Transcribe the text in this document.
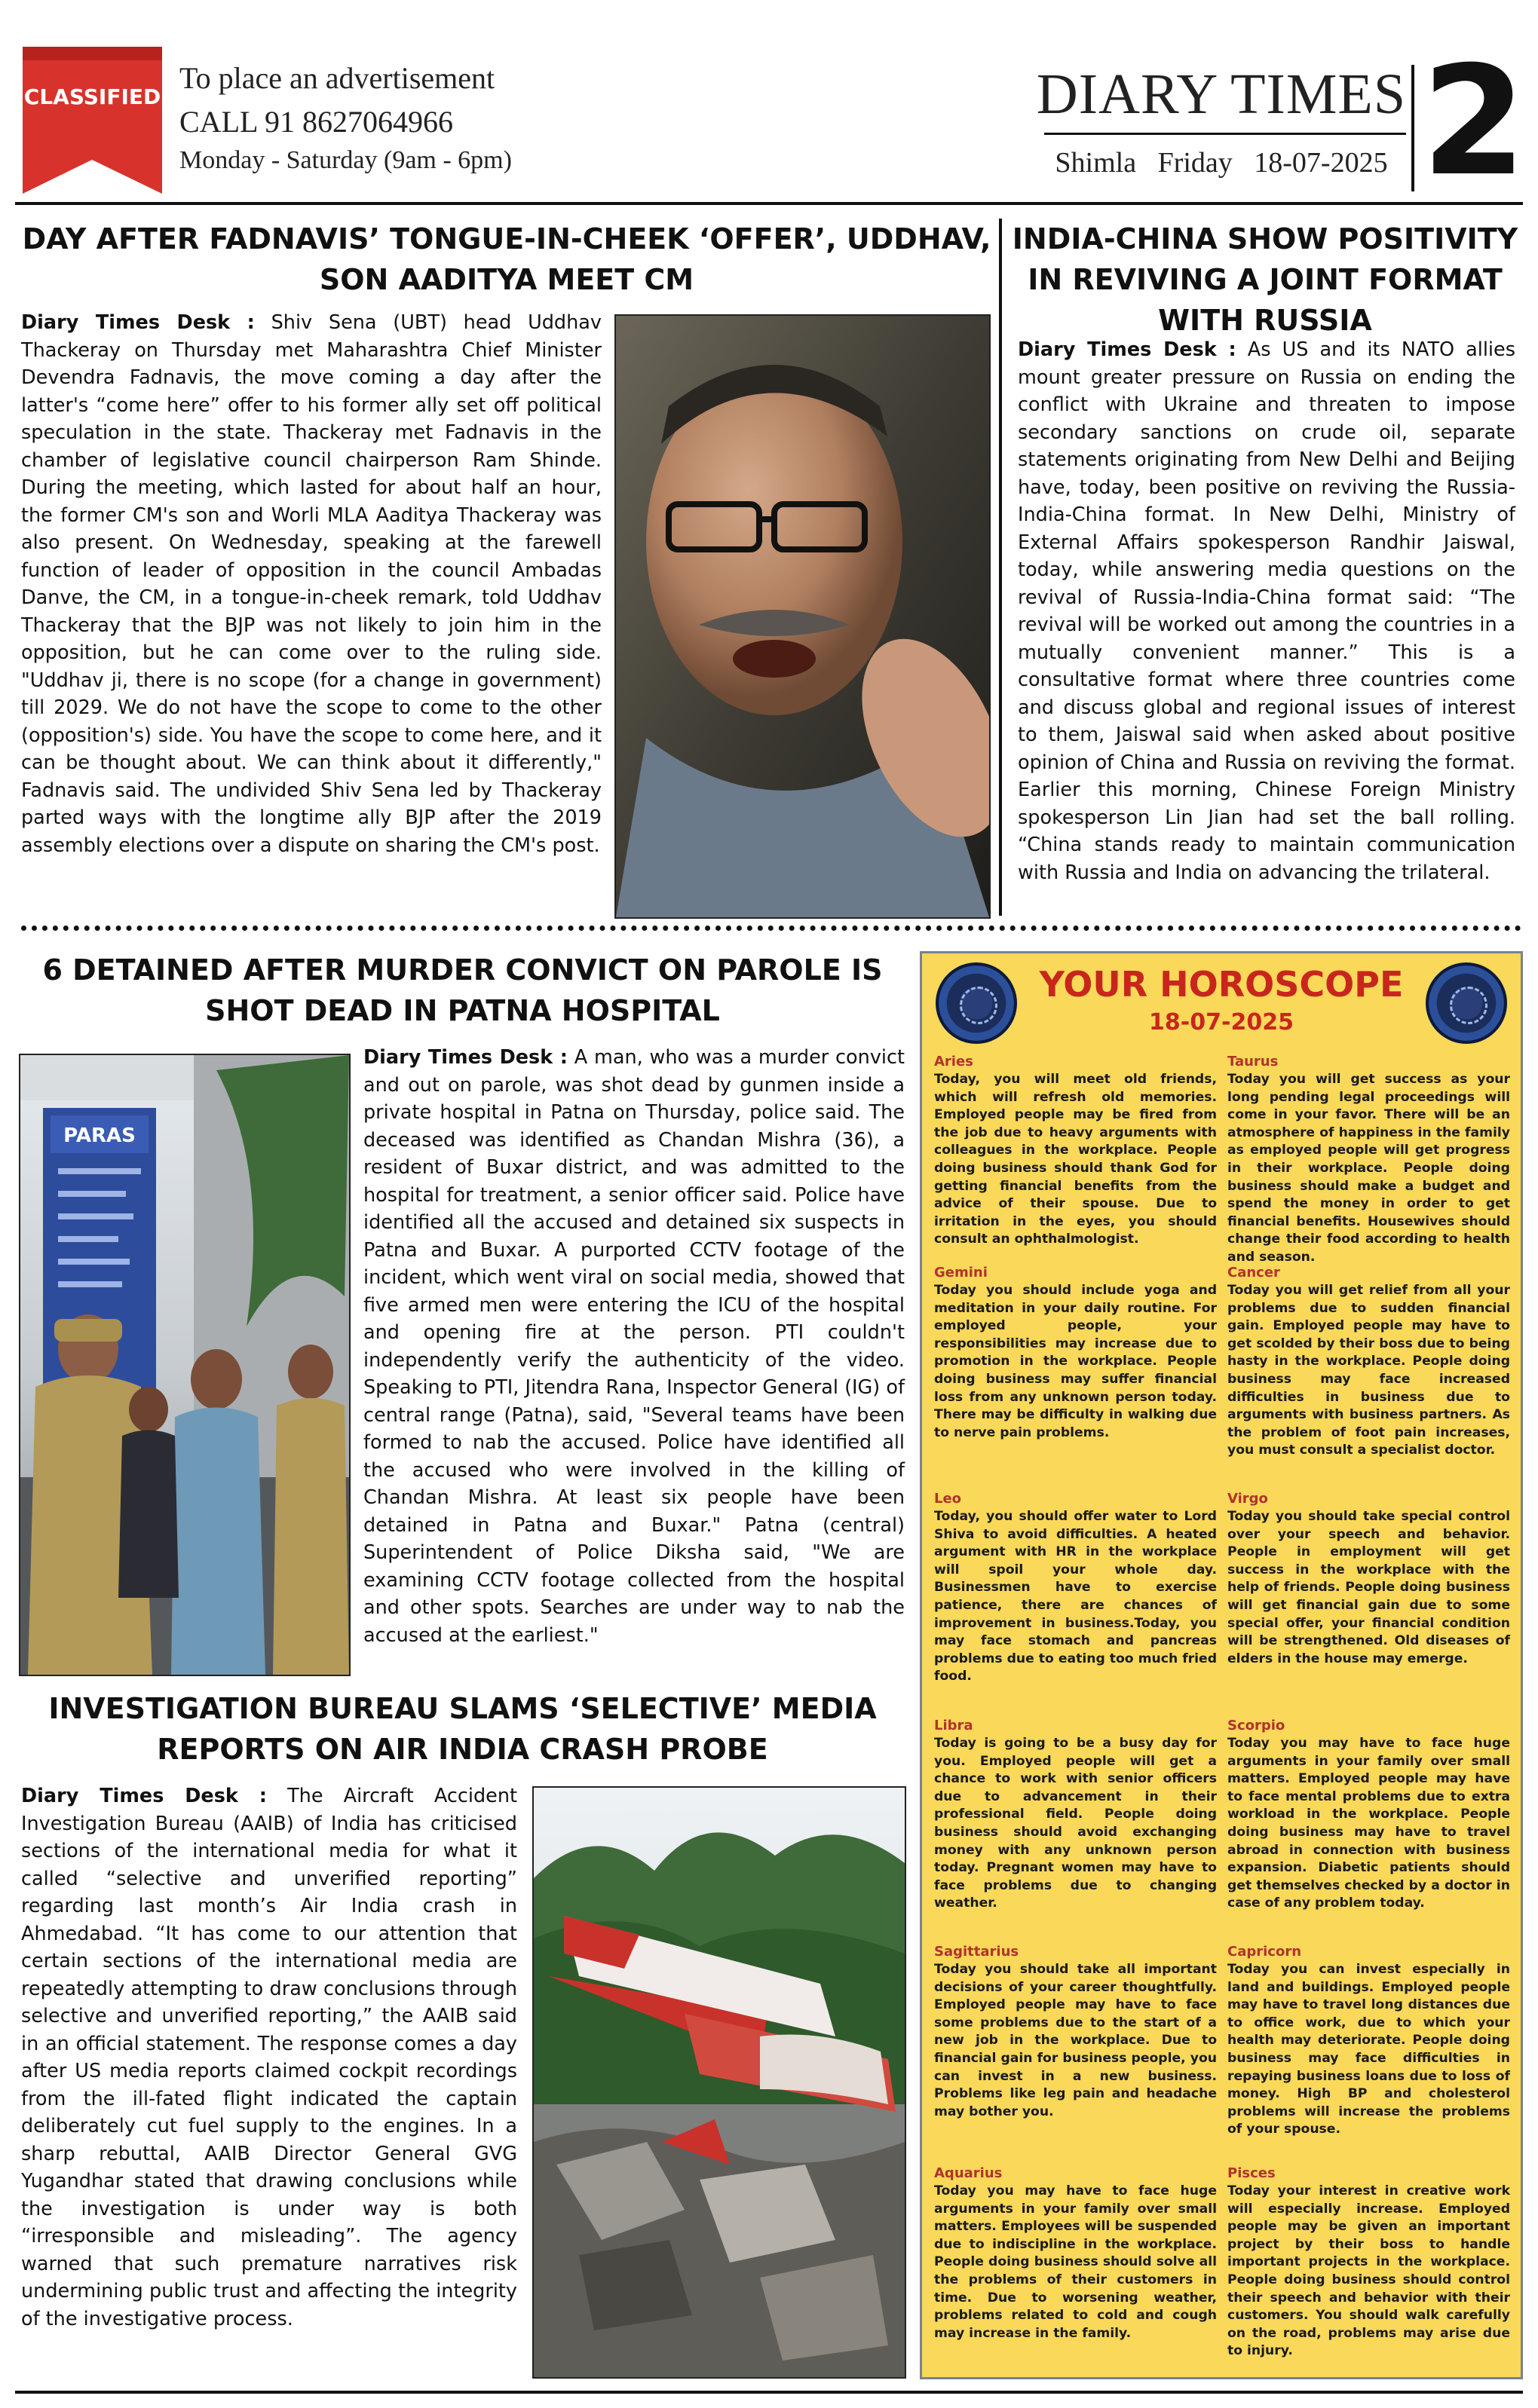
CLASSIFIED
To place an advertisement
CALL 91 8627064966
Monday - Saturday (9am - 6pm)
DIARY TIMES
Shimla   Friday   18-07-2025 2
DAY AFTER FADNAVIS’ TONGUE-IN-CHEEK ‘OFFER’, UDDHAV, SON AADITYA MEET CM

Diary Times Desk : Shiv Sena (UBT) head Uddhav Thackeray on Thursday met Maharashtra Chief Minister Devendra Fadnavis, the move coming a day after the latter's “come here” offer to his former ally set off political speculation in the state. Thackeray met Fadnavis in the chamber of legislative council chairperson Ram Shinde. During the meeting, which lasted for about half an hour, the former CM's son and Worli MLA Aaditya Thackeray was also present. On Wednesday, speaking at the farewell function of leader of opposition in the council Ambadas Danve, the CM, in a tongue-in-cheek remark, told Uddhav Thackeray that the BJP was not likely to join him in the opposition, but he can come over to the ruling side. "Uddhav ji, there is no scope (for a change in government) till 2029. We do not have the scope to come to the other (opposition's) side. You have the scope to come here, and it can be thought about. We can think about it differently," Fadnavis said. The undivided Shiv Sena led by Thackeray parted ways with the longtime ally BJP after the 2019 assembly elections over a dispute on sharing the CM's post.

INDIA-CHINA SHOW POSITIVITY IN REVIVING A JOINT FORMAT WITH RUSSIA

Diary Times Desk : As US and its NATO allies mount greater pressure on Russia on ending the conflict with Ukraine and threaten to impose secondary sanctions on crude oil, separate statements originating from New Delhi and Beijing have, today, been positive on reviving the Russia-India-China format. In New Delhi, Ministry of External Affairs spokesperson Randhir Jaiswal, today, while answering media questions on the revival of Russia-India-China format said: “The revival will be worked out among the countries in a mutually convenient manner.” This is a consultative format where three countries come and discuss global and regional issues of interest to them, Jaiswal said when asked about positive opinion of China and Russia on reviving the format. Earlier this morning, Chinese Foreign Ministry spokesperson Lin Jian had set the ball rolling. “China stands ready to maintain communication with Russia and India on advancing the trilateral.

6 DETAINED AFTER MURDER CONVICT ON PAROLE IS SHOT DEAD IN PATNA HOSPITAL
PARAS

Diary Times Desk : A man, who was a murder convict and out on parole, was shot dead by gunmen inside a private hospital in Patna on Thursday, police said. The deceased was identified as Chandan Mishra (36), a resident of Buxar district, and was admitted to the hospital for treatment, a senior officer said. Police have identified all the accused and detained six suspects in Patna and Buxar. A purported CCTV footage of the incident, which went viral on social media, showed that five armed men were entering the ICU of the hospital and opening fire at the person. PTI couldn't independently verify the authenticity of the video. Speaking to PTI, Jitendra Rana, Inspector General (IG) of central range (Patna), said, "Several teams have been formed to nab the accused. Police have identified all the accused who were involved in the killing of Chandan Mishra. At least six people have been detained in Patna and Buxar." Patna (central) Superintendent of Police Diksha said, "We are examining CCTV footage collected from the hospital and other spots. Searches are under way to nab the accused at the earliest."

INVESTIGATION BUREAU SLAMS ‘SELECTIVE’ MEDIA REPORTS ON AIR INDIA CRASH PROBE

Diary Times Desk : The Aircraft Accident Investigation Bureau (AAIB) of India has criticised sections of the international media for what it called “selective and unverified reporting” regarding last month’s Air India crash in Ahmedabad. “It has come to our attention that certain sections of the international media are repeatedly attempting to draw conclusions through selective and unverified reporting,” the AAIB said in an official statement. The response comes a day after US media reports claimed cockpit recordings from the ill-fated flight indicated the captain deliberately cut fuel supply to the engines. In a sharp rebuttal, AAIB Director General GVG Yugandhar stated that drawing conclusions while the investigation is under way is both “irresponsible and misleading”. The agency warned that such premature narratives risk undermining public trust and affecting the integrity of the investigative process.

YOUR HOROSCOPE
18-07-2025
Aries
Today, you will meet old friends, which will refresh old memories. Employed people may be fired from the job due to heavy arguments with colleagues in the workplace. People doing business should thank God for getting financial benefits from the advice of their spouse. Due to irritation in the eyes, you should consult an ophthalmologist.
Taurus
Today you will get success as your long pending legal proceedings will come in your favor. There will be an atmosphere of happiness in the family as employed people will get progress in their workplace. People doing business should make a budget and spend the money in order to get financial benefits. Housewives should change their food according to health and season.
Gemini
Today you should include yoga and meditation in your daily routine. For employed people, your responsibilities may increase due to promotion in the workplace. People doing business may suffer financial loss from any unknown person today. There may be difficulty in walking due to nerve pain problems.
Cancer
Today you will get relief from all your problems due to sudden financial gain. Employed people may have to get scolded by their boss due to being hasty in the workplace. People doing business may face increased difficulties in business due to arguments with business partners. As the problem of foot pain increases, you must consult a specialist doctor.
Leo
Today, you should offer water to Lord Shiva to avoid difficulties. A heated argument with HR in the workplace will spoil your whole day. Businessmen have to exercise patience, there are chances of improvement in business.Today, you may face stomach and pancreas problems due to eating too much fried food.
Virgo
Today you should take special control over your speech and behavior. People in employment will get success in the workplace with the help of friends. People doing business will get financial gain due to some special offer, your financial condition will be strengthened. Old diseases of elders in the house may emerge.
Libra
Today is going to be a busy day for you. Employed people will get a chance to work with senior officers due to advancement in their professional field. People doing business should avoid exchanging money with any unknown person today. Pregnant women may have to face problems due to changing weather.
Scorpio
Today you may have to face huge arguments in your family over small matters. Employed people may have to face mental problems due to extra workload in the workplace. People doing business may have to travel abroad in connection with business expansion. Diabetic patients should get themselves checked by a doctor in case of any problem today.
Sagittarius
Today you should take all important decisions of your career thoughtfully. Employed people may have to face some problems due to the start of a new job in the workplace. Due to financial gain for business people, you can invest in a new business. Problems like leg pain and headache may bother you.
Capricorn
Today you can invest especially in land and buildings. Employed people may have to travel long distances due to office work, due to which your health may deteriorate. People doing business may face difficulties in repaying business loans due to loss of money. High BP and cholesterol problems will increase the problems of your spouse.
Aquarius
Today you may have to face huge arguments in your family over small matters. Employees will be suspended due to indiscipline in the workplace. People doing business should solve all the problems of their customers in time. Due to worsening weather, problems related to cold and cough may increase in the family.
Pisces
Today your interest in creative work will especially increase. Employed people may be given an important project by their boss to handle important projects in the workplace. People doing business should control their speech and behavior with their customers. You should walk carefully on the road, problems may arise due to injury.
